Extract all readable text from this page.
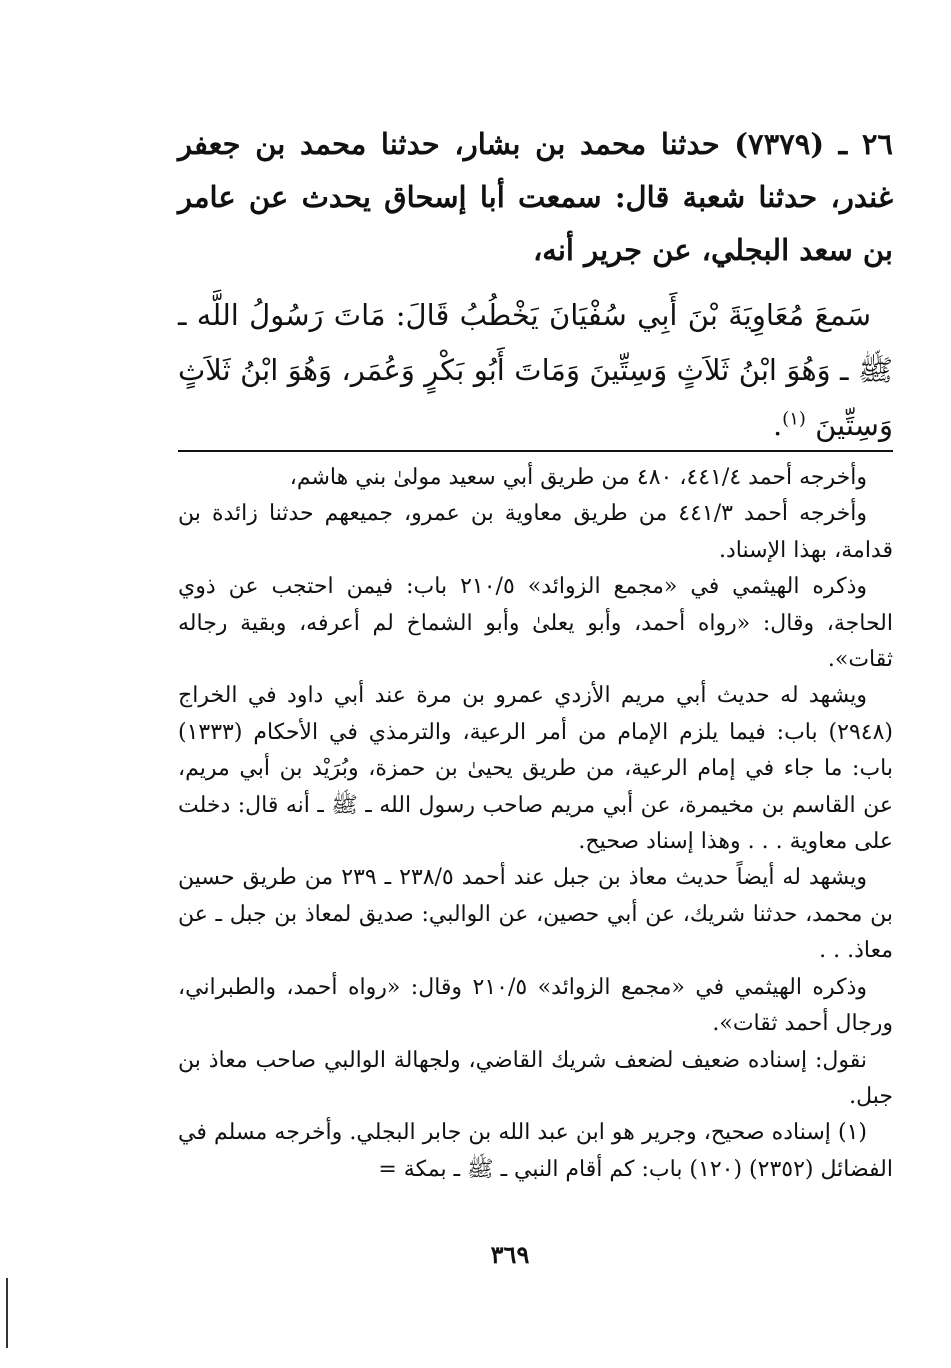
٢٦ ـ (٧٣٧٩) حدثنا محمد بن بشار، حدثنا محمد بن جعفر غندر، حدثنا شعبة قال: سمعت أبا إسحاق يحدث عن عامر بن سعد البجلي، عن جرير أنه،

سَمعَ مُعَاوِيَةَ بْنَ أَبِي سُفْيَانَ يَخْطُبُ قَالَ: مَاتَ رَسُولُ اللَّه ـ ﷺ ـ وَهُوَ ابْنُ ثَلاَثٍ وَسِتِّينَ وَمَاتَ أَبُو بَكْرٍ وَعُمَر، وَهُوَ ابْنُ ثَلاَثٍ وَسِتِّينَ $^{(١)}$.

وأخرجه أحمد ٤٤١/٤، ٤٨٠ من طريق أبي سعيد مولىٰ بني هاشم،

وأخرجه أحمد ٤٤١/٣ من طريق معاوية بن عمرو، جميعهم حدثنا زائدة بن قدامة، بهذا الإسناد.

وذكره الهيثمي في «مجمع الزوائد» ٢١٠/٥ باب: فيمن احتجب عن ذوي الحاجة، وقال: «رواه أحمد، وأبو يعلىٰ وأبو الشماخ لم أعرفه، وبقية رجاله ثقات».

ويشهد له حديث أبي مريم الأزدي عمرو بن مرة عند أبي داود في الخراج (٢٩٤٨) باب: فيما يلزم الإمام من أمر الرعية، والترمذي في الأحكام (١٣٣٣) باب: ما جاء في إمام الرعية، من طريق يحيىٰ بن حمزة، وبُرَيْد بن أبي مريم، عن القاسم بن مخيمرة، عن أبي مريم صاحب رسول الله ـ ﷺ ـ أنه قال: دخلت على معاوية . . . وهذا إسناد صحيح.

ويشهد له أيضاً حديث معاذ بن جبل عند أحمد ٢٣٨/٥ ـ ٢٣٩ من طريق حسين بن محمد، حدثنا شريك، عن أبي حصين، عن الوالبي: صديق لمعاذ بن جبل ـ عن معاذ. . .

وذكره الهيثمي في «مجمع الزوائد» ٢١٠/٥ وقال: «رواه أحمد، والطبراني، ورجال أحمد ثقات».

نقول: إسناده ضعيف لضعف شريك القاضي، ولجهالة الوالبي صاحب معاذ بن جبل.

(١) إسناده صحيح، وجرير هو ابن عبد الله بن جابر البجلي. وأخرجه مسلم في الفضائل (٢٣٥٢) (١٢٠) باب: كم أقام النبي ـ ﷺ ـ بمكة =

٣٦٩
